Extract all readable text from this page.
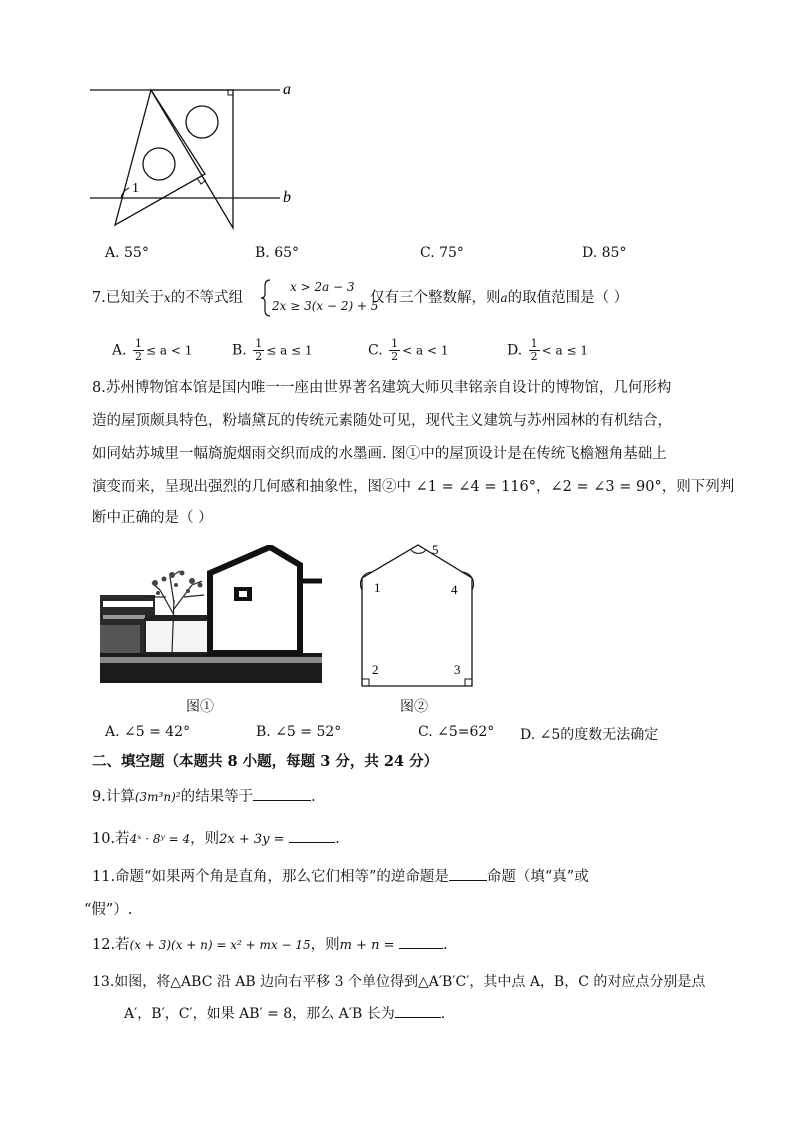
1
a
b
A. 55°	B. 65°	C. 75°	D. 85°
7.已知关于x的不等式组
x > 2a − 3
2x ≥ 3(x − 2) + 5
仅有三个整数解，则a的取值范围是（ ）
A. $\frac{1}{2} \le a < 1$	B. $\frac{1}{2} \le a \le 1$	C. $\frac{1}{2} < a < 1$	D. $\frac{1}{2} < a \le 1$
8.苏州博物馆本馆是国内唯一一座由世界著名建筑大师贝聿铭亲自设计的博物馆，几何形构
造的屋顶颇具特色，粉墙黛瓦的传统元素随处可见，现代主义建筑与苏州园林的有机结合，
如同姑苏城里一幅旖旎烟雨交织而成的水墨画. 图①中的屋顶设计是在传统飞檐翘角基础上
演变而来，呈现出强烈的几何感和抽象性，图②中 ∠1 = ∠4 = 116°，∠2 = ∠3 = 90°，则下列判
断中正确的是（ ）
图①
1
2	3
4
5
图②
A. ∠5 = 42°	B. ∠5 = 52°	C. ∠5=62° D. ∠5的度数无法确定
二、填空题（本题共 8 小题，每题 3 分，共 24 分）
9.计算(3m³n)²的结果等于	.
10.若4ˣ · 8ʸ = 4，则2x + 3y =	.
11.命题“如果两个角是直角，那么它们相等”的逆命题是	命题（填“真”或
“假”）.
12.若(x + 3)(x + n) = x² + mx − 15，则m + n =	.
13.如图，将△ABC 沿 AB 边向右平移 3 个单位得到△A′B′C′，其中点 A，B，C 的对应点分别是点
A′，B′，C′，如果 AB′ = 8，那么 A′B 长为	.
